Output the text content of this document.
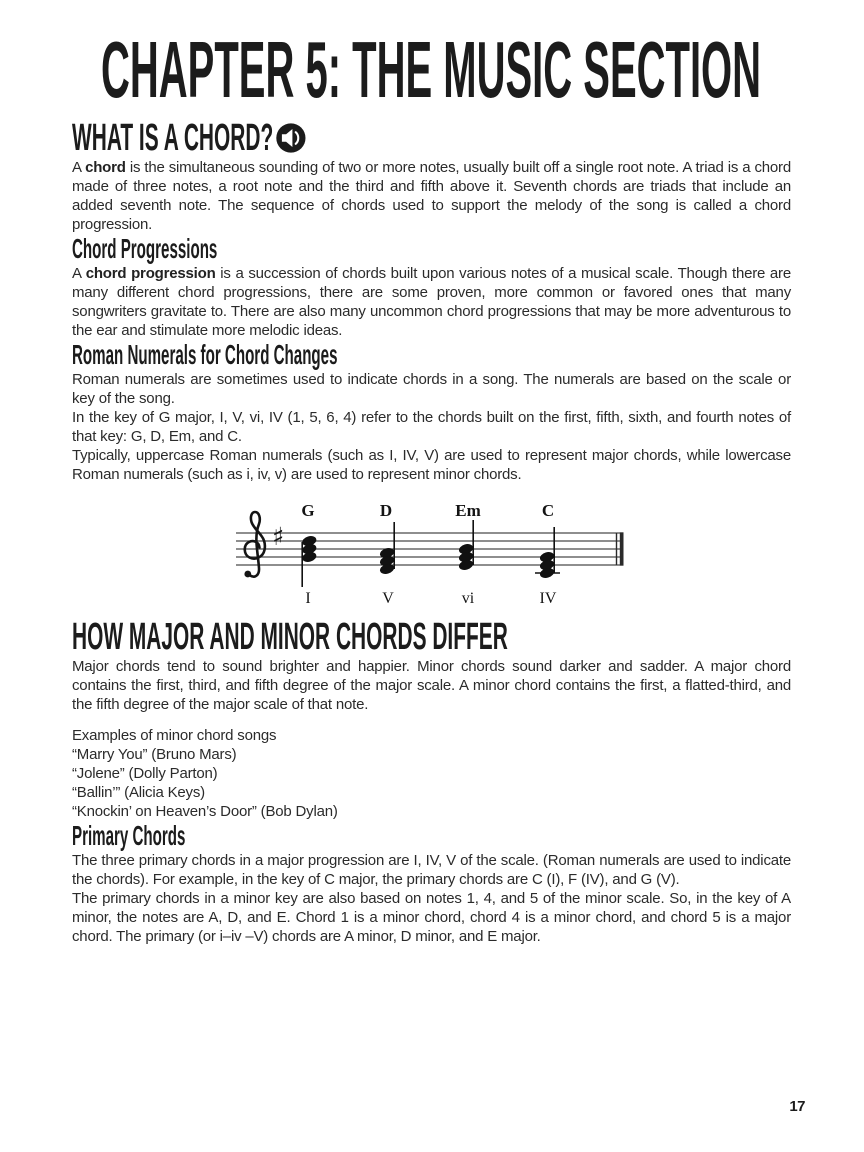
CHAPTER 5: THE MUSIC SECTION
WHAT IS A CHORD?

A chord is the simultaneous sounding of two or more notes, usually built off a single root note. A triad is a chord made of three notes, a root note and the third and fifth above it. Seventh chords are triads that include an added seventh note. The sequence of chords used to support the melody of the song is called a chord progression.

Chord Progressions

A chord progression is a succession of chords built upon various notes of a musical scale. Though there are many different chord progressions, there are some proven, more common or favored ones that many songwriters gravitate to. There are also many uncommon chord progressions that may be more adventurous to the ear and stimulate more melodic ideas.

Roman Numerals for Chord Changes

Roman numerals are sometimes used to indicate chords in a song. The numerals are based on the scale or key of the song.

In the key of G major, I, V, vi, IV (1, 5, 6, 4) refer to the chords built on the first, fifth, sixth, and fourth notes of that key: G, D, Em, and C.

Typically, uppercase Roman numerals (such as I, IV, V) are used to represent major chords, while lowercase Roman numerals (such as i, iv, v) are used to represent minor chords.

♯
G	D	Em	C
I	V	vi	IV
HOW MAJOR AND MINOR CHORDS DIFFER

Major chords tend to sound brighter and happier. Minor chords sound darker and sadder. A major chord contains the first, third, and fifth degree of the major scale. A minor chord contains the first, a flatted-third, and the fifth degree of the major scale of that note.

Examples of minor chord songs
“Marry You” (Bruno Mars)
“Jolene” (Dolly Parton)
“Ballin’” (Alicia Keys)
“Knockin’ on Heaven’s Door” (Bob Dylan)
Primary Chords

The three primary chords in a major progression are I, IV, V of the scale. (Roman numerals are used to indicate the chords). For example, in the key of C major, the primary chords are C (I), F (IV), and G (V).

The primary chords in a minor key are also based on notes 1, 4, and 5 of the minor scale. So, in the key of A minor, the notes are A, D, and E. Chord 1 is a minor chord, chord 4 is a minor chord, and chord 5 is a major chord. The primary (or i–iv –V) chords are A minor, D minor, and E major.

17
